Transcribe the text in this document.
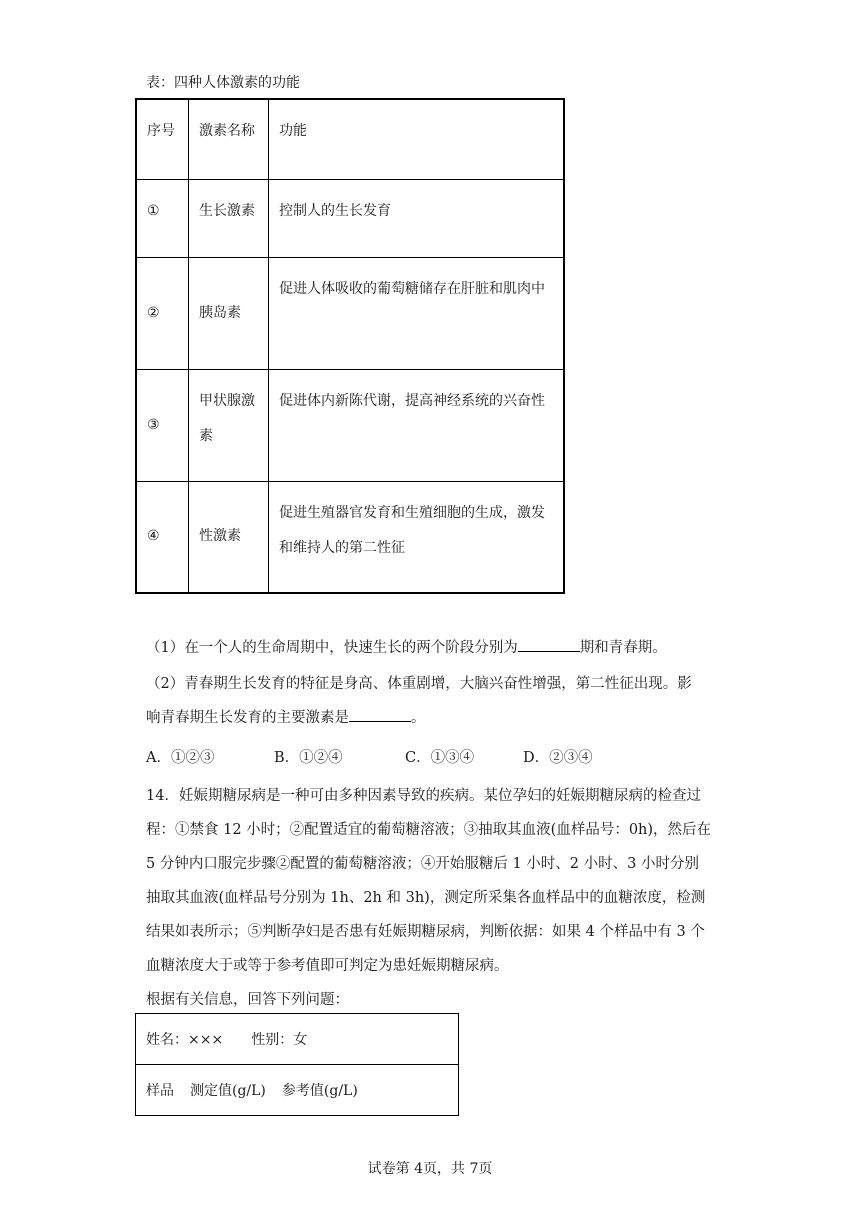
表：四种人体激素的功能
序号	激素名称	功能
①	生长激素	控制人的生长发育
②	胰岛素	促进人体吸收的葡萄糖储存在肝脏和肌肉中
③	甲状腺激素	促进体内新陈代谢，提高神经系统的兴奋性
④	性激素	促进生殖器官发育和生殖细胞的生成，激发和维持人的第二性征
（1）在一个人的生命周期中，快速生长的两个阶段分别为	期和青春期。
（2）青春期生长发育的特征是身高、体重剧增，大脑兴奋性增强，第二性征出现。影
响青春期生长发育的主要激素是	。
A．①②③	B．①②④	C．①③④	D．②③④
14．妊娠期糖尿病是一种可由多种因素导致的疾病。某位孕妇的妊娠期糖尿病的检查过
程：①禁食 12 小时；②配置适宜的葡萄糖溶液；③抽取其血液(血样品号：0h)，然后在
5 分钟内口服完步骤②配置的葡萄糖溶液；④开始服糖后 1 小时、2 小时、3 小时分别
抽取其血液(血样品号分别为 1h、2h 和 3h)，测定所采集各血样品中的血糖浓度，检测
结果如表所示；⑤判断孕妇是否患有妊娠期糖尿病，判断依据：如果 4 个样品中有 3 个
血糖浓度大于或等于参考值即可判定为患妊娠期糖尿病。
根据有关信息，回答下列问题：
姓名：××× 性别：女
样品 测定值(g/L) 参考值(g/L)
试卷第 4页，共 7页
